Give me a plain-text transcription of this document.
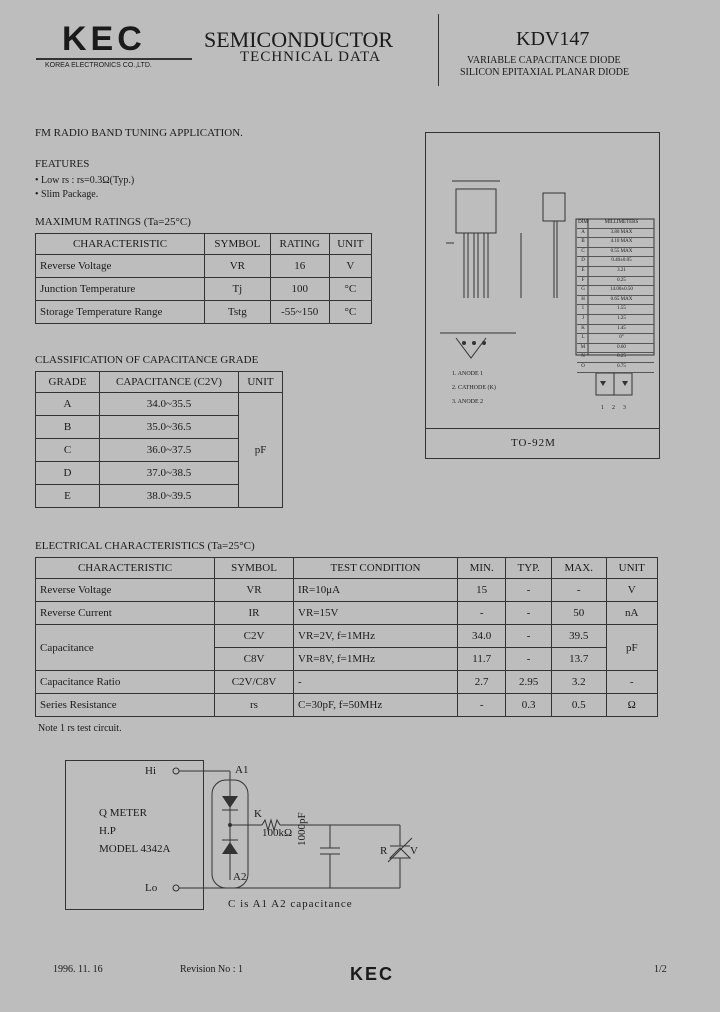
KEC
KOREA ELECTRONICS CO.,LTD.
SEMICONDUCTOR
TECHNICAL DATA
KDV147
VARIABLE CAPACITANCE DIODE
SILICON EPITAXIAL PLANAR DIODE
FM RADIO BAND TUNING APPLICATION.
FEATURES
• Low rs : rs=0.3Ω(Typ.)
• Slim Package.
MAXIMUM RATINGS (Ta=25°C)
CHARACTERISTIC	SYMBOL	RATING	UNIT
Reverse Voltage	VR	16	V
Junction Temperature	Tj	100	°C
Storage Temperature Range	Tstg	-55~150	°C
CLASSIFICATION OF CAPACITANCE GRADE
GRADE	CAPACITANCE (C2V)	UNIT
A	34.0~35.5	pF
B	35.0~36.5	
C	36.0~37.5	
D	37.0~38.5	
E	38.0~39.5	
1. ANODE 1
2. CATHODE (K)
3. ANODE 2
1 2 3
TO-92M
DIM	MILLIMETERS
A	3.80 MAX
B	4.10 MAX
C	0.55 MAX
D	0.40±0.05
E	3.21
F	0.25
G	14.00±0.50
H	0.65 MAX
I	1.55
J	1.25
K	1.45
L	0°
M	0.60
N	0.25
O	0.75
ELECTRICAL CHARACTERISTICS (Ta=25°C)
CHARACTERISTIC	SYMBOL	TEST CONDITION	MIN.	TYP.	MAX.	UNIT
Reverse Voltage	VR	IR=10μA	15	-	-	V
Reverse Current	IR	VR=15V	-	-	50	nA
Capacitance	C2V	VR=2V, f=1MHz	34.0	-	39.5	pF
	C8V	VR=8V, f=1MHz	11.7	-	13.7	
Capacitance Ratio	C2V/C8V	-	2.7	2.95	3.2	-
Series Resistance	rs	C=30pF, f=50MHz	-	0.3	0.5	Ω
Note 1 rs test circuit.
Q METER
H.P
MODEL 4342A
Hi
Lo
A1
A2
K
100kΩ 1000pF
R V
C is A1 A2 capacitance
1996. 11. 16	Revision No : 1	KEC	1/2
